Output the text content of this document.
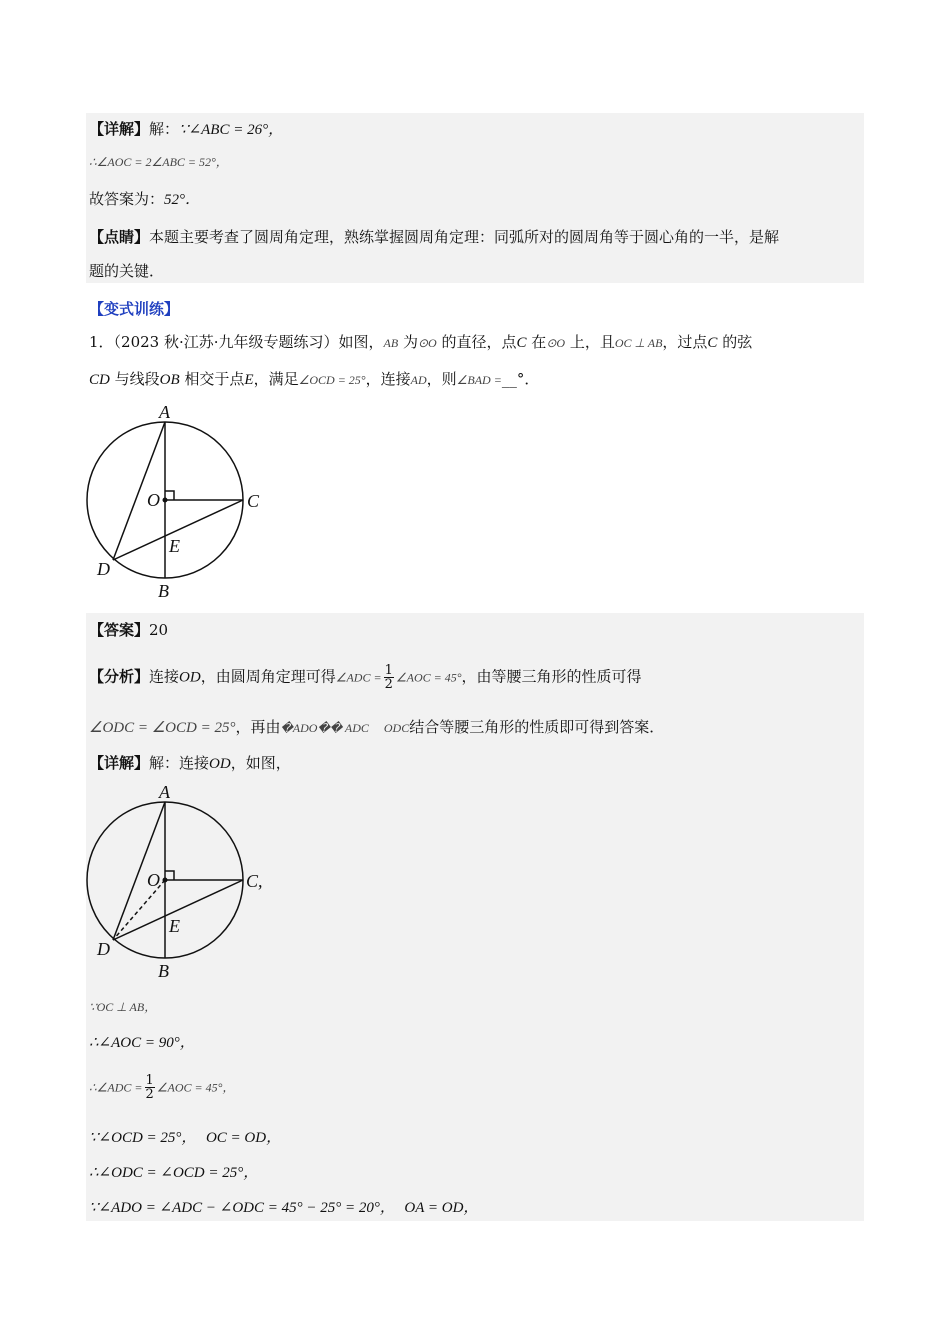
【详解】解：∵∠ABC = 26°，
∴∠AOC = 2∠ABC = 52°，
故答案为：52°．
【点睛】本题主要考查了圆周角定理，熟练掌握圆周角定理：同弧所对的圆周角等于圆心角的一半，是解
题的关键．
【变式训练】
1．（2023 秋·江苏·九年级专题练习）如图，AB 为⊙O 的直径，点C 在⊙O 上，且OC ⊥ AB，过点C 的弦
CD 与线段OB 相交于点E，满足∠OCD = 25°，连接AD，则∠BAD =__°．
A
O	C
E
D
B
【答案】20
【分析】连接OD，由圆周角定理可得∠ADC = $\frac{1}{2}$ ∠AOC = 45°，由等腰三角形的性质可得
∠ODC = ∠OCD = 25°，再由�ADO�� ADC     ODC结合等腰三角形的性质即可得到答案．
【详解】解：连接OD，如图，
A
O	C,
E
D
B
∵OC ⊥ AB，
∴∠AOC = 90°，
∴∠ADC = $\frac{1}{2}$ ∠AOC = 45°，
∵∠OCD = 25°， OC = OD，
∴∠ODC = ∠OCD = 25°，
∵∠ADO = ∠ADC − ∠ODC = 45° − 25° = 20°， OA = OD，
